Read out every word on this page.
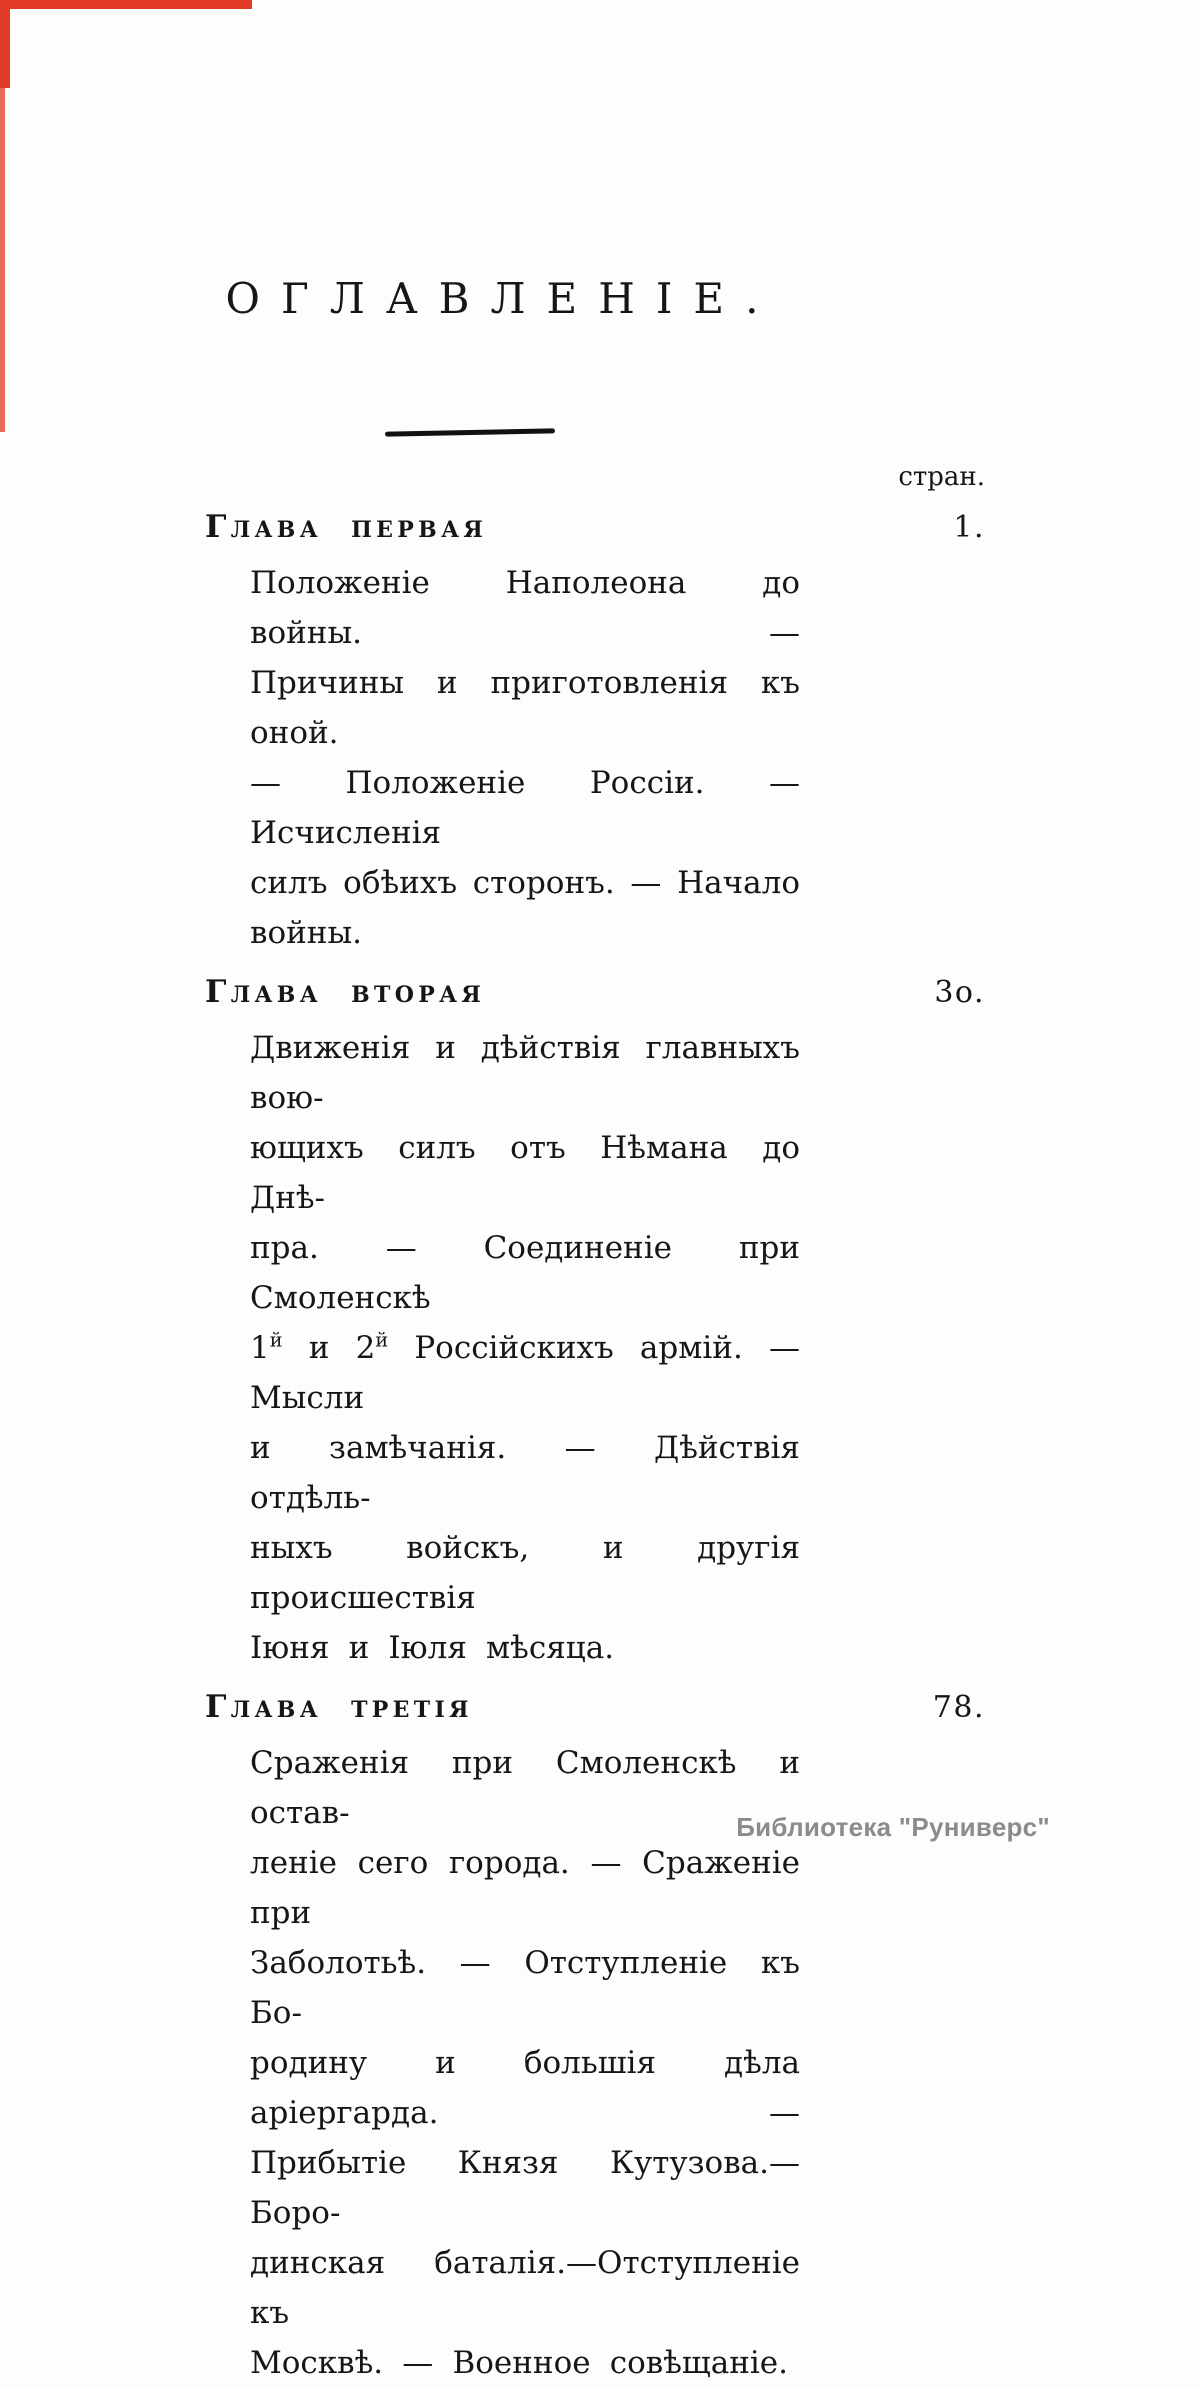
ОГЛАВЛЕНІЕ.
стран.
Глава первая	1.
Положеніе Наполеона до войны. —
Причины и приготовленія къ оной.
— Положеніе Россіи. — Исчисленія
силъ обѣихъ сторонъ. — Начало
войны.
Глава вторая	3o.
Движенія и дѣйствія главныхъ вою-
ющихъ силъ отъ Нѣмана до Днѣ-
пра. — Соединеніе при Смоленскѣ
$1^й$ и $2^й$ Россійскихъ армій. — Мысли
и замѣчанія. — Дѣйствія отдѣль-
ныхъ войскъ, и другія происшествія
Іюня и Іюля мѣсяца.
Глава третія	78.
Сраженія при Смоленскѣ и остав-
леніе сего города. — Сраженіе при
Заболотьѣ. — Отступленіе къ Бо-
родину и большія дѣла аріергарда. —
Прибытіе Князя Кутузова.—Боро-
динская баталія.—Отступленіе къ
Москвѣ. — Военное совѣщаніе.
Библиотека "Руниверс"
